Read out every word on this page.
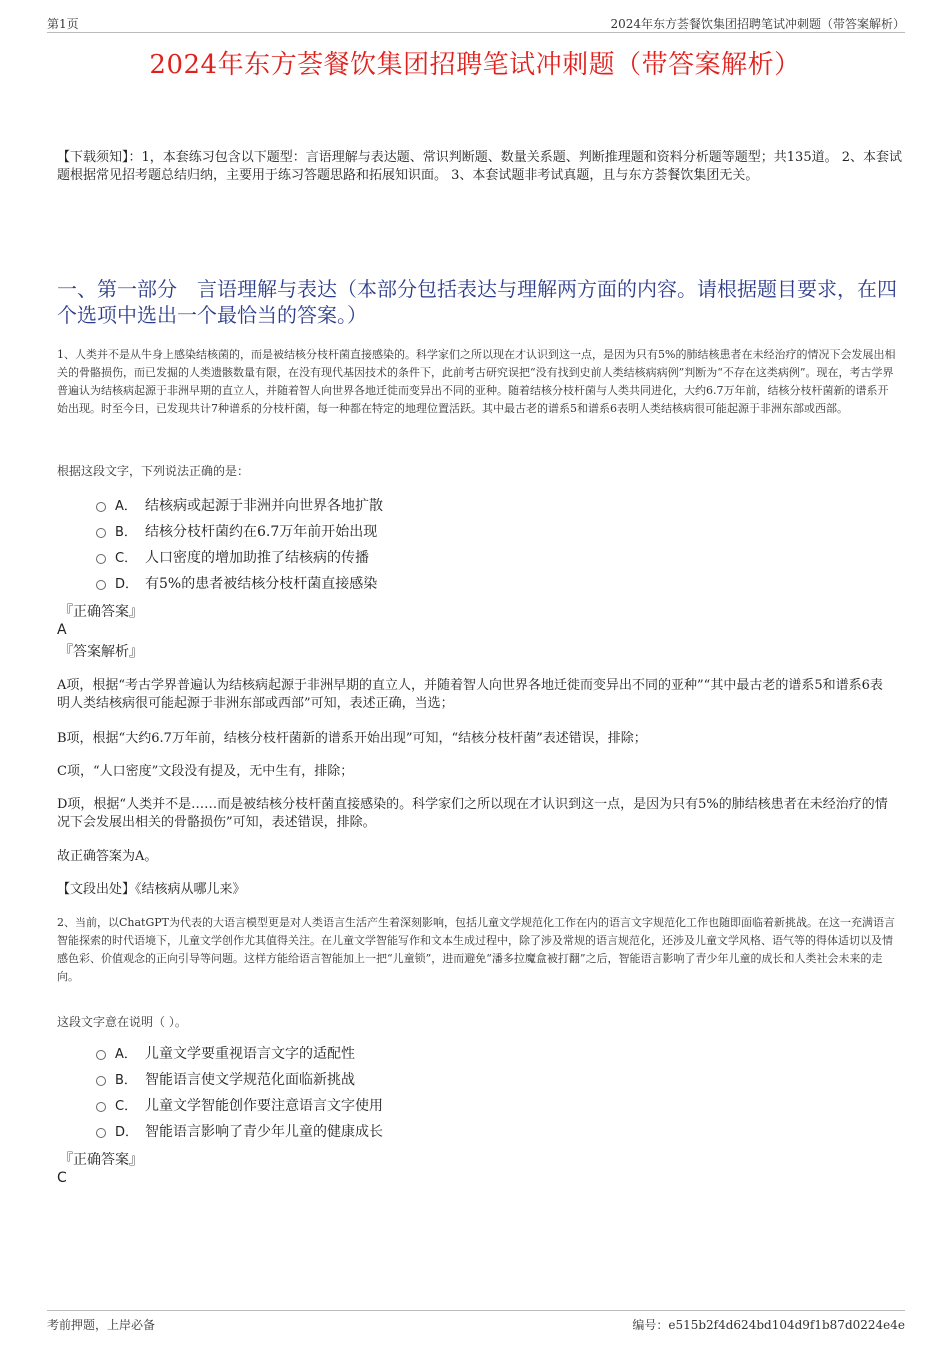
第1页	2024年东方荟餐饮集团招聘笔试冲刺题（带答案解析）
2024年东方荟餐饮集团招聘笔试冲刺题（带答案解析）
【下载须知】：1，本套练习包含以下题型：言语理解与表达题、常识判断题、数量关系题、判断推理题和资料分析题等题型；共135道。 2、本套试题根据常见招考题总结归纳，主要用于练习答题思路和拓展知识面。 3、本套试题非考试真题，且与东方荟餐饮集团无关。
一、第一部分　言语理解与表达（本部分包括表达与理解两方面的内容。请根据题目要求，在四个选项中选出一个最恰当的答案。）
1、人类并不是从牛身上感染结核菌的，而是被结核分枝杆菌直接感染的。科学家们之所以现在才认识到这一点，是因为只有5%的肺结核患者在未经治疗的情况下会发展出相关的骨骼损伤，而已发掘的人类遗骸数量有限，在没有现代基因技术的条件下，此前考古研究误把“没有找到史前人类结核病病例”判断为“不存在这类病例”。现在，考古学界普遍认为结核病起源于非洲早期的直立人，并随着智人向世界各地迁徙而变异出不同的亚种。随着结核分枝杆菌与人类共同进化，大约6.7万年前，结核分枝杆菌新的谱系开始出现。时至今日，已发现共计7种谱系的分枝杆菌，每一种都在特定的地理位置活跃。其中最古老的谱系5和谱系6表明人类结核病很可能起源于非洲东部或西部。
根据这段文字，下列说法正确的是：
A． 结核病或起源于非洲并向世界各地扩散
B． 结核分枝杆菌约在6.7万年前开始出现
C． 人口密度的增加助推了结核病的传播
D． 有5%的患者被结核分枝杆菌直接感染
『正确答案』
A
『答案解析』
A项，根据“考古学界普遍认为结核病起源于非洲早期的直立人，并随着智人向世界各地迁徙而变异出不同的亚种”“其中最古老的谱系5和谱系6表明人类结核病很可能起源于非洲东部或西部”可知，表述正确，当选；
B项，根据“大约6.7万年前，结核分枝杆菌新的谱系开始出现”可知，“结核分枝杆菌”表述错误，排除；
C项，“人口密度”文段没有提及，无中生有，排除；
D项，根据“人类并不是……而是被结核分枝杆菌直接感染的。科学家们之所以现在才认识到这一点，是因为只有5%的肺结核患者在未经治疗的情况下会发展出相关的骨骼损伤”可知，表述错误，排除。
故正确答案为A。
【文段出处】《结核病从哪儿来》
2、当前，以ChatGPT为代表的大语言模型更是对人类语言生活产生着深刻影响，包括儿童文学规范化工作在内的语言文字规范化工作也随即面临着新挑战。在这一充满语言智能探索的时代语境下，儿童文学创作尤其值得关注。在儿童文学智能写作和文本生成过程中，除了涉及常规的语言规范化，还涉及儿童文学风格、语气等的得体适切以及情感色彩、价值观念的正向引导等问题。这样方能给语言智能加上一把“儿童锁”，进而避免“潘多拉魔盒被打翻”之后，智能语言影响了青少年儿童的成长和人类社会未来的走向。
这段文字意在说明（ ）。
A． 儿童文学要重视语言文字的适配性
B． 智能语言使文学规范化面临新挑战
C． 儿童文学智能创作要注意语言文字使用
D． 智能语言影响了青少年儿童的健康成长
『正确答案』
C
考前押题，上岸必备	编号：e515b2f4d624bd104d9f1b87d0224e4e
